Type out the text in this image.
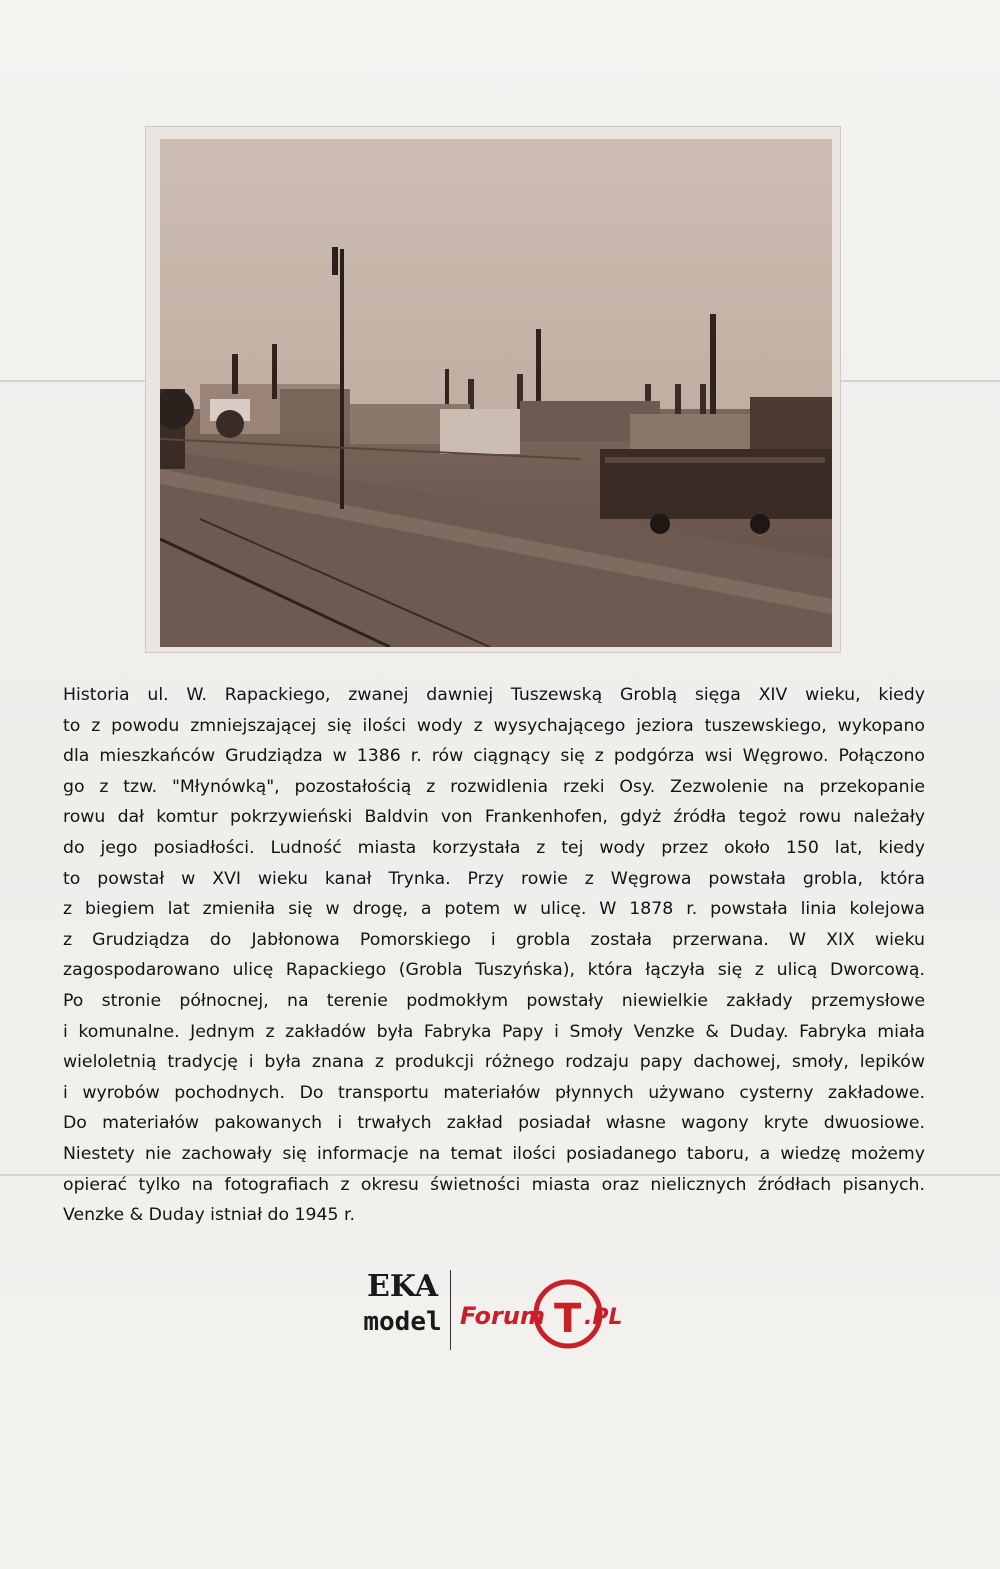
Historia ul. W. Rapackiego, zwanej dawniej Tuszewską Groblą sięga XIV wieku, kiedy
to z powodu zmniejszającej się ilości wody z wysychającego jeziora tuszewskiego, wykopano
dla mieszkańców Grudziądza w 1386 r. rów ciągnący się z podgórza wsi Węgrowo. Połączono
go z tzw. "Młynówką", pozostałością z rozwidlenia rzeki Osy. Zezwolenie na przekopanie
rowu dał komtur pokrzywieński Baldvin von Frankenhofen, gdyż źródła tegoż rowu należały
do jego posiadłości. Ludność miasta korzystała z tej wody przez około 150 lat, kiedy
to powstał w XVI wieku kanał Trynka. Przy rowie z Węgrowa powstała grobla, która
z biegiem lat zmieniła się w drogę, a potem w ulicę. W 1878 r. powstała linia kolejowa
z Grudziądza do Jabłonowa Pomorskiego i grobla została przerwana. W XIX wieku
zagospodarowano ulicę Rapackiego (Grobla Tuszyńska), która łączyła się z ulicą Dworcową.
Po stronie północnej, na terenie podmokłym powstały niewielkie zakłady przemysłowe
i komunalne. Jednym z zakładów była Fabryka Papy i Smoły Venzke & Duday. Fabryka miała
wieloletnią tradycję i była znana z produkcji różnego rodzaju papy dachowej, smoły, lepików
i wyrobów pochodnych. Do transportu materiałów płynnych używano cysterny zakładowe.
Do materiałów pakowanych i trwałych zakład posiadał własne wagony kryte dwuosiowe.
Niestety nie zachowały się informacje na temat ilości posiadanego taboru, a wiedzę możemy
opierać tylko na fotografiach z okresu świetności miasta oraz nielicznych źródłach pisanych.
Venzke & Duday istniał do 1945 r.

EKA
model Forum T .PL
